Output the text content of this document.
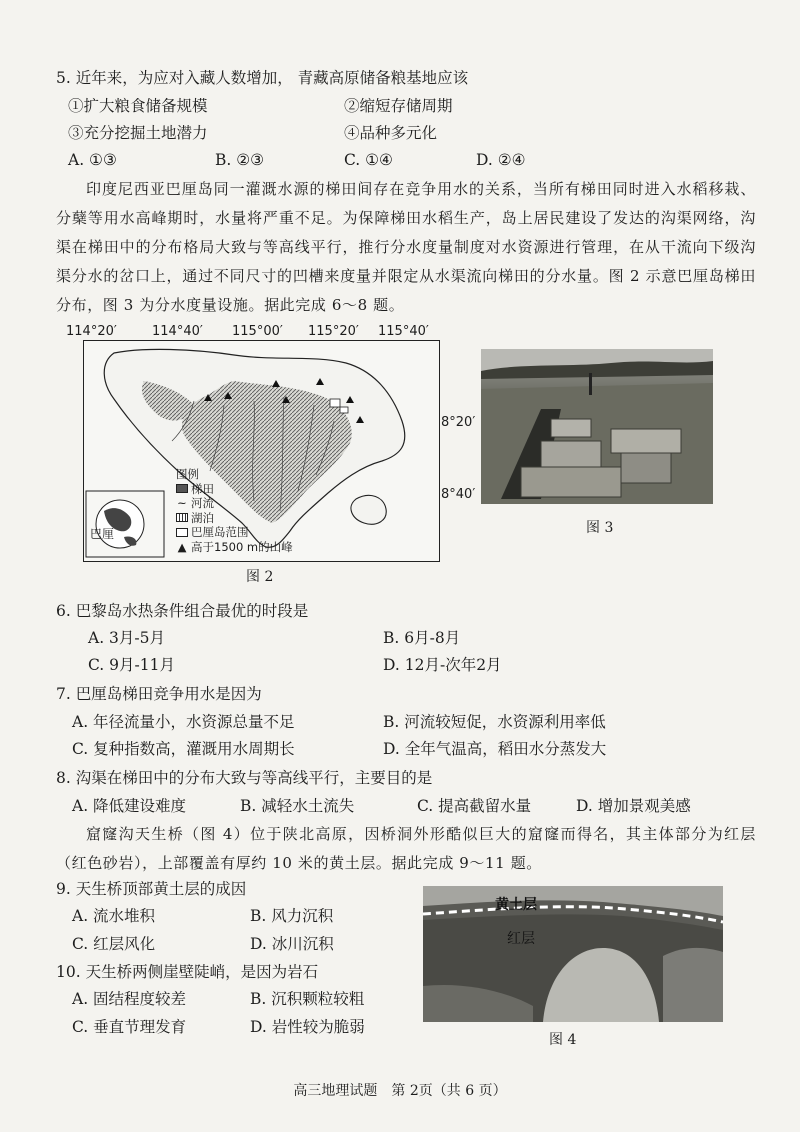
5. 近年来，为应对入藏人数增加， 青藏高原储备粮基地应该
①扩大粮食储备规模	②缩短存储周期
③充分挖掘土地潜力	④品种多元化
A. ①③	B. ②③	C. ①④	D. ②④
印度尼西亚巴厘岛同一灌溉水源的梯田间存在竞争用水的关系，当所有梯田同时进入水稻移栽、分蘖等用水高峰期时，水量将严重不足。为保障梯田水稻生产，岛上居民建设了发达的沟渠网络，沟渠在梯田中的分布格局大致与等高线平行，推行分水度量制度对水资源进行管理，在从干流向下级沟渠分水的岔口上，通过不同尺寸的凹槽来度量并限定从水渠流向梯田的分水量。图 2 示意巴厘岛梯田分布，图 3 为分水度量设施。据此完成 6～8 题。
114°20′	114°40′ 115°00′ 115°20′ 115°40′
8°20′
8°40′
图例
梯田
~ 河流
湖泊
巴厘岛范围
▲ 高于1500 m的山峰
巴厘
图 2
图 3
6. 巴黎岛水热条件组合最优的时段是
A. 3月-5月	B. 6月-8月
C. 9月-11月	D. 12月-次年2月
7. 巴厘岛梯田竞争用水是因为
A. 年径流量小，水资源总量不足	B. 河流较短促，水资源利用率低
C. 复种指数高，灌溉用水周期长	D. 全年气温高，稻田水分蒸发大
8. 沟渠在梯田中的分布大致与等高线平行，主要目的是
A. 降低建设难度	B. 减轻水土流失	C. 提高截留水量	D. 增加景观美感
窟窿沟天生桥（图 4）位于陕北高原，因桥洞外形酷似巨大的窟窿而得名，其主体部分为红层（红色砂岩），上部覆盖有厚约 10 米的黄土层。据此完成 9～11 题。
9. 天生桥顶部黄土层的成因
A. 流水堆积	B. 风力沉积
C. 红层风化	D. 冰川沉积
10. 天生桥两侧崖壁陡峭，是因为岩石
A. 固结程度较差	B. 沉积颗粒较粗
C. 垂直节理发育	D. 岩性较为脆弱
黄土层
红层
图 4
高三地理试题　第 2页（共 6 页）
